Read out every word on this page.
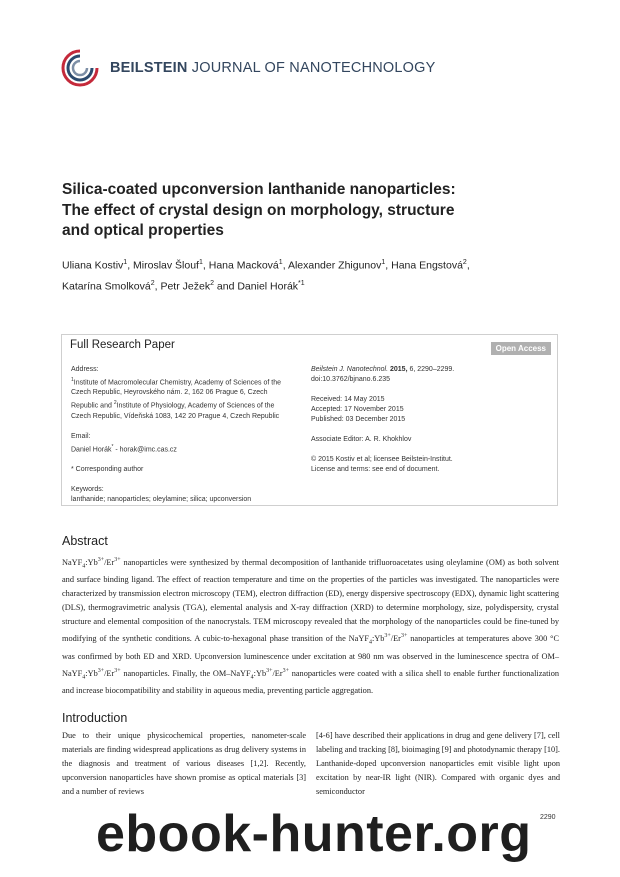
BEILSTEIN JOURNAL OF NANOTECHNOLOGY
Silica-coated upconversion lanthanide nanoparticles:
The effect of crystal design on morphology, structure
and optical properties
Uliana Kostiv$^1$, Miroslav Šlouf$^1$, Hana Macková$^1$, Alexander Zhigunov$^1$, Hana Engstová$^2$,
Katarína Smolková$^2$, Petr Ježek$^2$ and Daniel Horák$^{*1}$
Full Research Paper	Open Access

Address:
$^1$Institute of Macromolecular Chemistry, Academy of Sciences of the Czech Republic, Heyrovského nám. 2, 162 06 Prague 6, Czech Republic and $^2$Institute of Physiology, Academy of Sciences of the Czech Republic, Vídeňská 1083, 142 20 Prague 4, Czech Republic

Email:
Daniel Horák* - horak@imc.cas.cz

* Corresponding author

Keywords:
lanthanide; nanoparticles; oleylamine; silica; upconversion

Beilstein J. Nanotechnol. 2015, 6, 2290–2299.
doi:10.3762/bjnano.6.235

Received: 14 May 2015
Accepted: 17 November 2015
Published: 03 December 2015

Associate Editor: A. R. Khokhlov

© 2015 Kostiv et al; licensee Beilstein-Institut.
License and terms: see end of document.

Abstract
$NaYF_4:Yb^{3+}/Er^{3+}$ nanoparticles were synthesized by thermal decomposition of lanthanide trifluoroacetates using oleylamine (OM) as both solvent and surface binding ligand. The effect of reaction temperature and time on the properties of the particles was investigated. The nanoparticles were characterized by transmission electron microscopy (TEM), electron diffraction (ED), energy dispersive spectroscopy (EDX), dynamic light scattering (DLS), thermogravimetric analysis (TGA), elemental analysis and X-ray diffraction (XRD) to determine morphology, size, polydispersity, crystal structure and elemental composition of the nanocrystals. TEM microscopy revealed that the morphology of the nanoparticles could be fine-tuned by modifying of the synthetic conditions. A cubic-to-hexagonal phase transition of the $NaYF_4:Yb^{3+}/Er^{3+}$ nanoparticles at temperatures above 300 °C was confirmed by both ED and XRD. Upconversion luminescence under excitation at 980 nm was observed in the luminescence spectra of $OM-NaYF_4:Yb^{3+}/Er^{3+}$ nanoparticles. Finally, the $OM-NaYF_4:Yb^{3+}/Er^{3+}$ nanoparticles were coated with a silica shell to enable further functionalization and increase biocompatibility and stability in aqueous media, preventing particle aggregation.
Introduction
Due to their unique physicochemical properties, nanometer-scale materials are finding widespread applications as drug delivery systems in the diagnosis and treatment of various diseases [1,2]. Recently, upconversion nanoparticles have shown promise as optical materials [3] and a number of reviews
[4-6] have described their applications in drug and gene delivery [7], cell labeling and tracking [8], bioimaging [9] and photodynamic therapy [10]. Lanthanide-doped upconversion nanoparticles emit visible light upon excitation by near-IR light (NIR). Compared with organic dyes and semiconductor
2290
ebook-hunter.org
